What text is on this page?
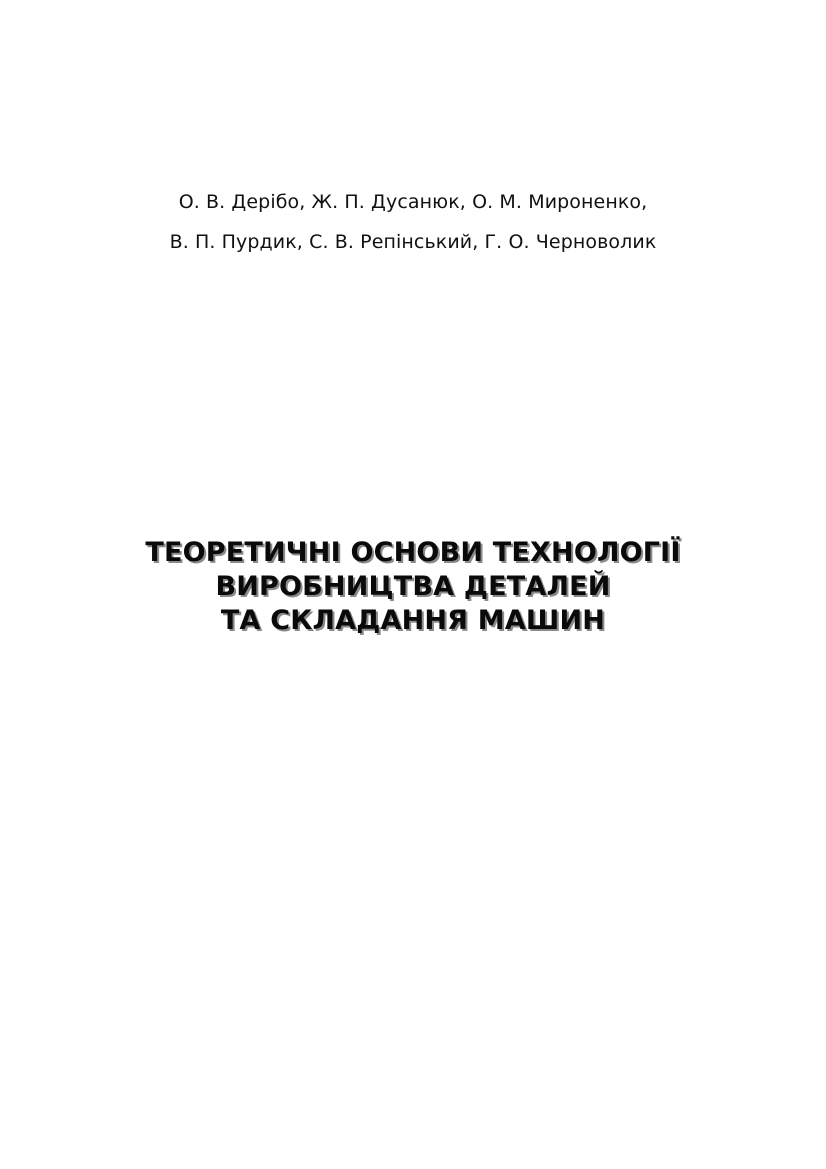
О. В. Дерібо, Ж. П. Дусанюк, О. М. Мироненко,
В. П. Пурдик, С. В. Репінський, Г. О. Черноволик
ТЕОРЕТИЧНІ ОСНОВИ ТЕХНОЛОГІЇ
ВИРОБНИЦТВА ДЕТАЛЕЙ
ТА СКЛАДАННЯ МАШИН
